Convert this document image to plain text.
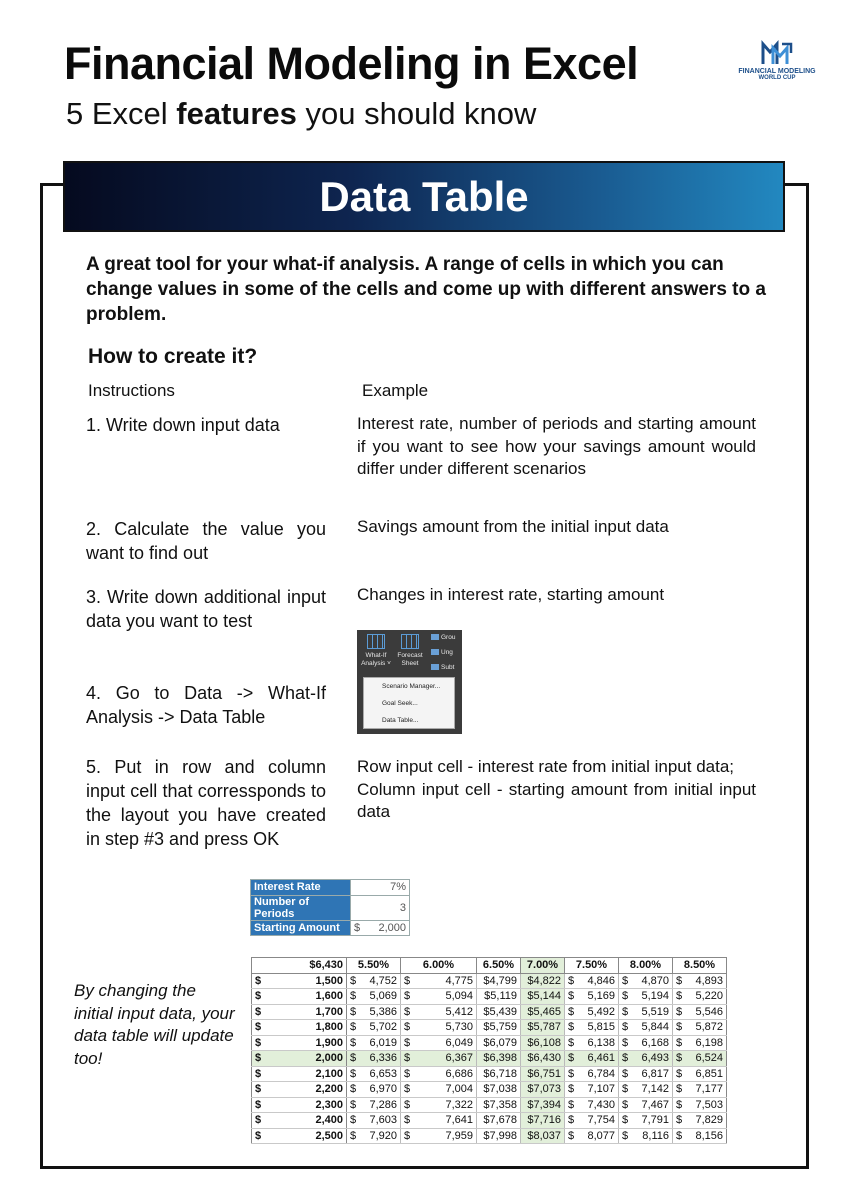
Financial Modeling in Excel
5 Excel features you should know
FINANCIAL MODELING
WORLD CUP
Data Table
A great tool for your what-if analysis. A range of cells in which you can change values in some of the cells and come up with different answers to a problem.
How to create it?
Instructions	Example
1. Write down input data	Interest rate, number of periods and starting amount if you want to see how your savings amount would differ under different scenarios
2. Calculate the value you want to find out
Savings amount from the initial input data
3. Write down additional input data you want to test
Changes in interest rate, starting amount
4. Go to Data -> What-If Analysis -> Data Table
What-If
Analysis ˅
Forecast
Sheet
Grou
Ung
Subt
Scenario Manager...
Goal Seek...
Data Table...
5. Put in row and column input cell that corressponds to the layout you have created in step #3 and press OK
Row input cell - interest rate from initial input data;
Column input cell - starting amount from initial input data
Interest Rate		7%
Number of Periods		3
Starting Amount	$	2,000
By changing the initial input data, your data table will update too!
$6,430		5.50%		6.00%		6.50%	7.00%	7.50%		8.00%		8.50%	
$	1,500	$	4,752	$	4,775	$4,799	$4,822	$	4,846	$	4,870	$	4,893
$	1,600	$	5,069	$	5,094	$5,119	$5,144	$	5,169	$	5,194	$	5,220
$	1,700	$	5,386	$	5,412	$5,439	$5,465	$	5,492	$	5,519	$	5,546
$	1,800	$	5,702	$	5,730	$5,759	$5,787	$	5,815	$	5,844	$	5,872
$	1,900	$	6,019	$	6,049	$6,079	$6,108	$	6,138	$	6,168	$	6,198
$	2,000	$	6,336	$	6,367	$6,398	$6,430	$	6,461	$	6,493	$	6,524
$	2,100	$	6,653	$	6,686	$6,718	$6,751	$	6,784	$	6,817	$	6,851
$	2,200	$	6,970	$	7,004	$7,038	$7,073	$	7,107	$	7,142	$	7,177
$	2,300	$	7,286	$	7,322	$7,358	$7,394	$	7,430	$	7,467	$	7,503
$	2,400	$	7,603	$	7,641	$7,678	$7,716	$	7,754	$	7,791	$	7,829
$	2,500	$	7,920	$	7,959	$7,998	$8,037	$	8,077	$	8,116	$	8,156
